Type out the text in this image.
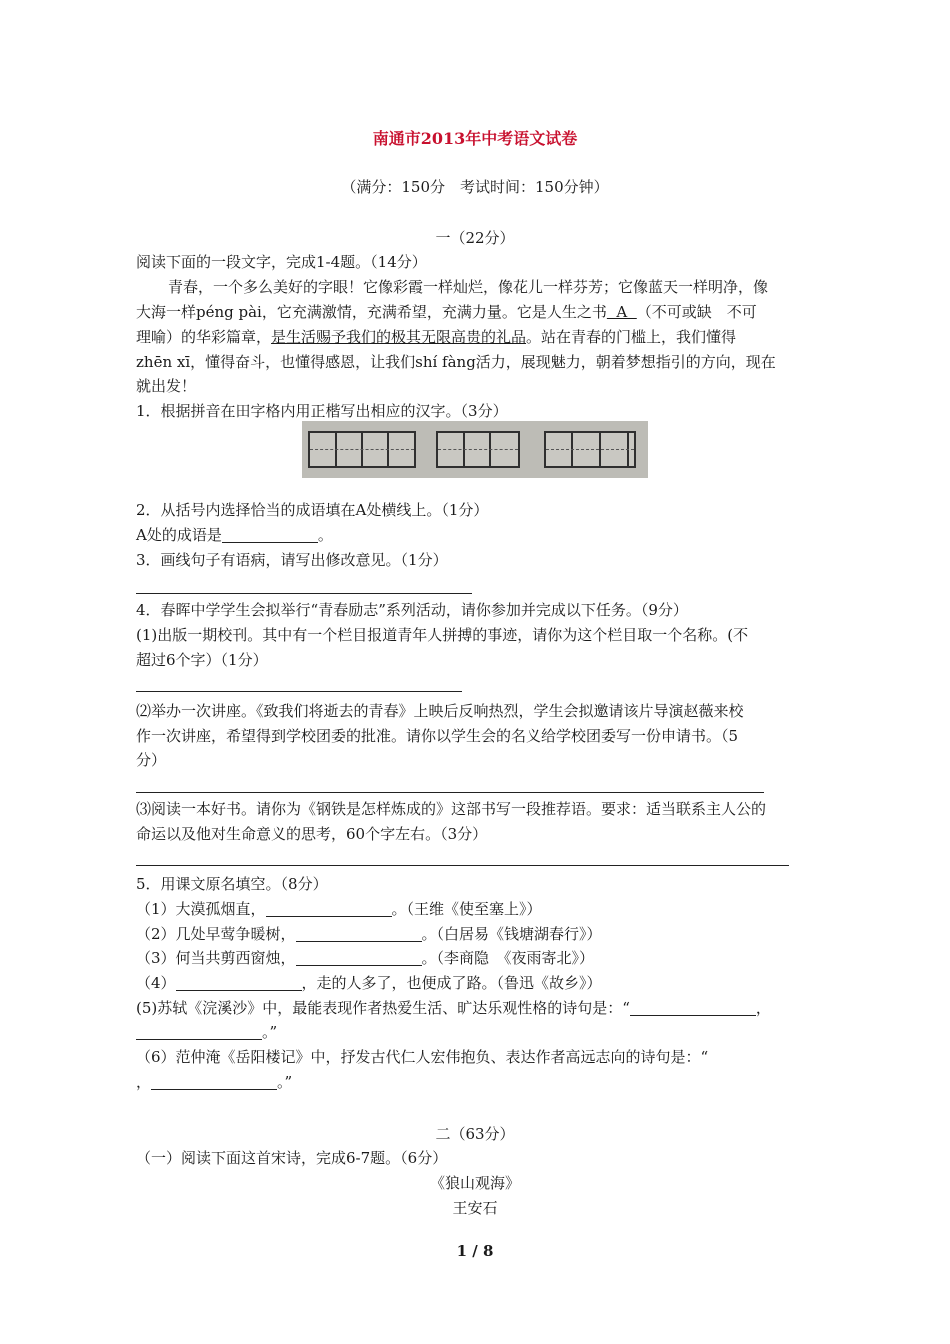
南通市2013年中考语文试卷
（满分：150分　考试时间：150分钟）
一（22分）
阅读下面的一段文字，完成1-4题。（14分）
青春，一个多么美好的字眼！它像彩霞一样灿烂，像花儿一样芬芳；它像蓝天一样明净，像
大海一样péng pài，它充满激情，充满希望，充满力量。它是人生之书  A  （不可或缺　不可
理喻）的华彩篇章，是生活赐予我们的极其无限高贵的礼品。站在青春的门槛上，我们懂得
zhēn xī，懂得奋斗，也懂得感恩，让我们shí fàng活力，展现魅力，朝着梦想指引的方向，现在
就出发！
1．根据拼音在田字格内用正楷写出相应的汉字。（3分）
2．从括号内选择恰当的成语填在A处横线上。（1分）
A处的成语是	。
3．画线句子有语病，请写出修改意见。（1分）
4．春晖中学学生会拟举行“青春励志”系列活动，请你参加并完成以下任务。（9分）
(1)出版一期校刊。其中有一个栏目报道青年人拼搏的事迹，请你为这个栏目取一个名称。(不
超过6个字）（1分）
⑵举办一次讲座。《致我们将逝去的青春》上映后反响热烈，学生会拟邀请该片导演赵薇来校
作一次讲座，希望得到学校团委的批准。请你以学生会的名义给学校团委写一份申请书。（5
分）
⑶阅读一本好书。请你为《钢铁是怎样炼成的》这部书写一段推荐语。要求：适当联系主人公的
命运以及他对生命意义的思考，60个字左右。（3分）
5．用课文原名填空。（8分）
（1）大漠孤烟直，	。（王维《使至塞上》）
（2）几处早莺争暖树，	。（白居易《钱塘湖春行》）
（3）何当共剪西窗烛，	。（李商隐　《夜雨寄北》）
（4）	，走的人多了，也便成了路。（鲁迅《故乡》）
(5)苏轼《浣溪沙》中，最能表现作者热爱生活、旷达乐观性格的诗句是：“	，
。”
（6）范仲淹《岳阳楼记》中，抒发古代仁人宏伟抱负、表达作者高远志向的诗句是：“
，	。”
二（63分）
（一）阅读下面这首宋诗，完成6-7题。（6分）
《狼山观海》
王安石
1 / 8
